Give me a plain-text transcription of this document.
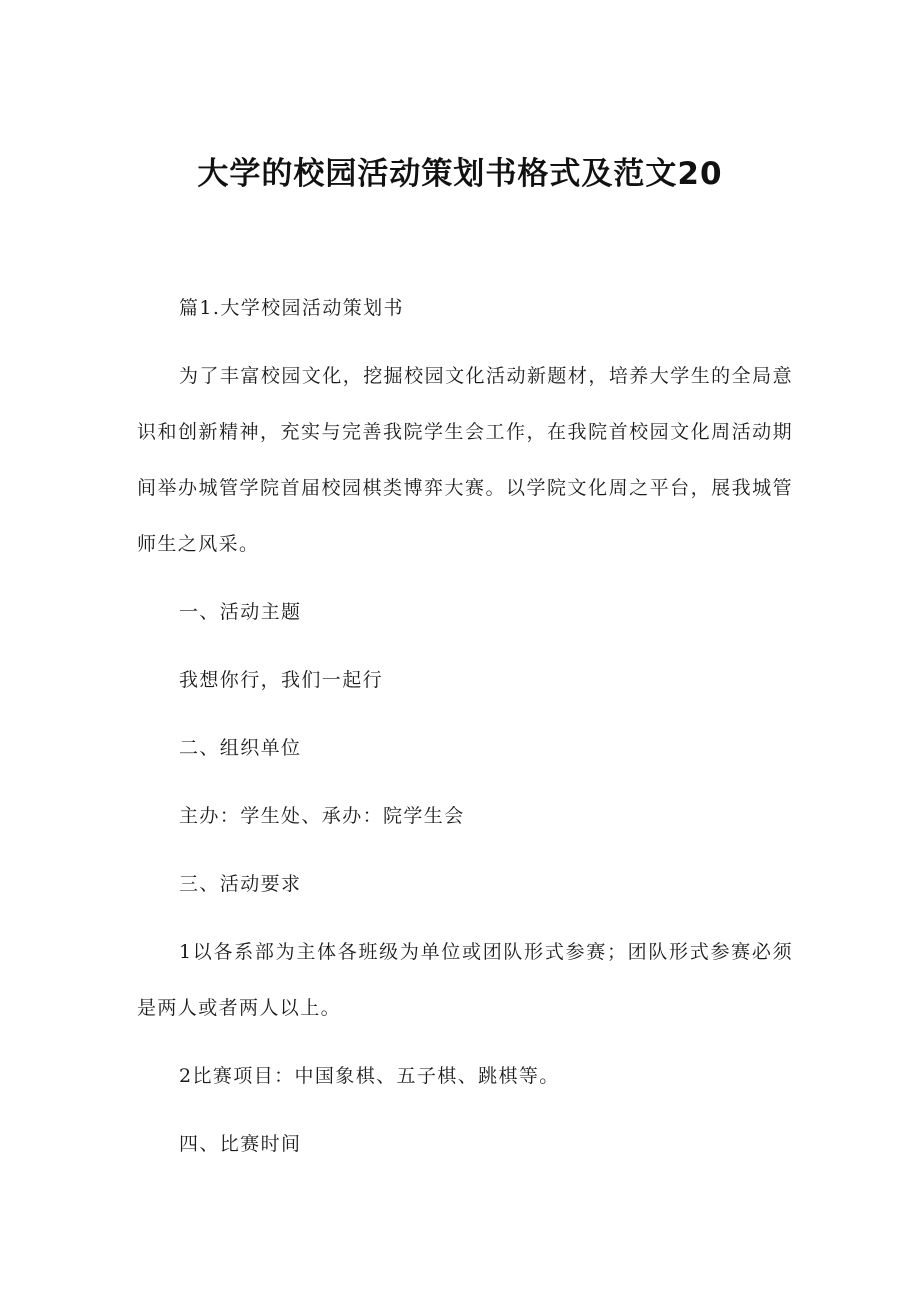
大学的校园活动策划书格式及范文20

篇1.大学校园活动策划书

为了丰富校园文化，挖掘校园文化活动新题材，培养大学生的全局意识和创新精神，充实与完善我院学生会工作，在我院首校园文化周活动期间举办城管学院首届校园棋类博弈大赛。以学院文化周之平台，展我城管师生之风采。

一、活动主题

我想你行，我们一起行

二、组织单位

主办：学生处、承办：院学生会

三、活动要求

1以各系部为主体各班级为单位或团队形式参赛；团队形式参赛必须是两人或者两人以上。

2比赛项目：中国象棋、五子棋、跳棋等。

四、比赛时间
